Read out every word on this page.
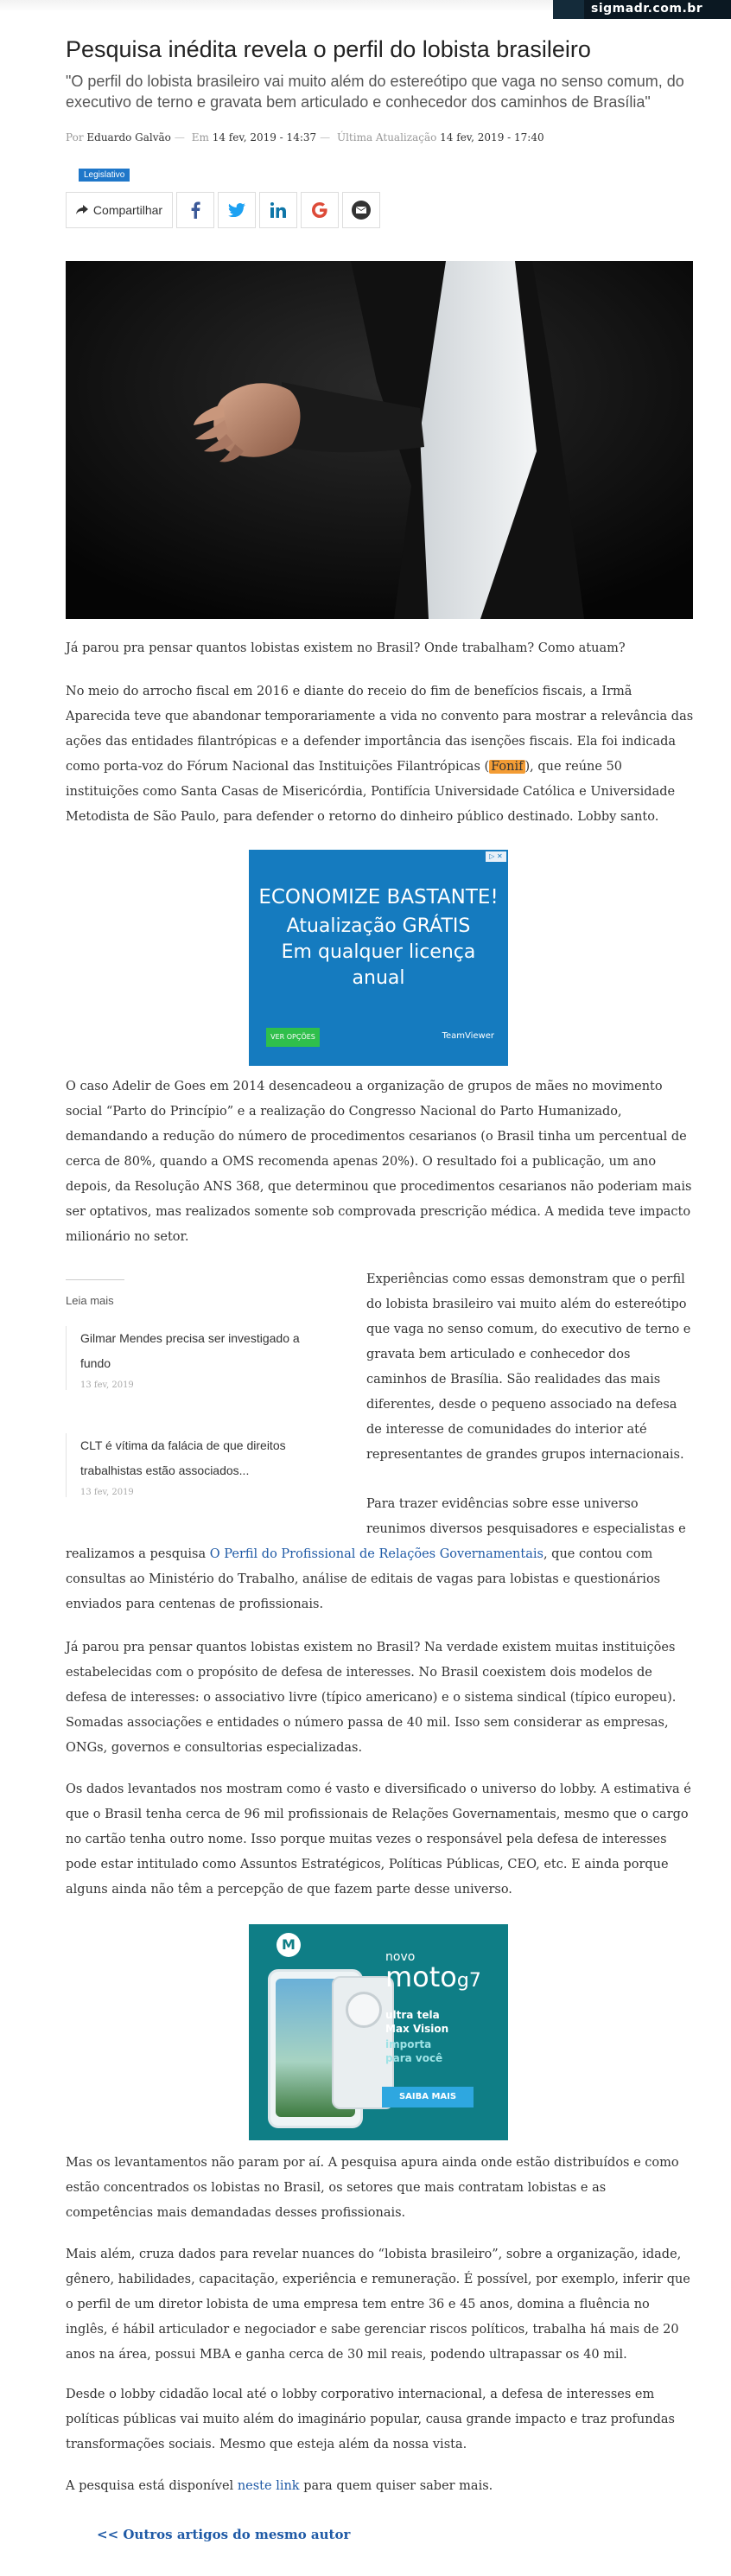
sigmadr.com.br
Pesquisa inédita revela o perfil do lobista brasileiro
"O perfil do lobista brasileiro vai muito além do estereótipo que vaga no senso comum, do executivo de terno e gravata bem articulado e conhecedor dos caminhos de Brasília"
Por Eduardo Galvão — Em 14 fev, 2019 - 14:37 — Última Atualização 14 fev, 2019 - 17:40
Legislativo
Compartilhar

Já parou pra pensar quantos lobistas existem no Brasil? Onde trabalham? Como atuam?

No meio do arrocho fiscal em 2016 e diante do receio do fim de benefícios fiscais, a Irmã Aparecida teve que abandonar temporariamente a vida no convento para mostrar a relevância das ações das entidades filantrópicas e a defender importância das isenções fiscais. Ela foi indicada como porta-voz do Fórum Nacional das Instituições Filantrópicas ( Fonif ), que reúne 50 instituições como Santa Casas de Misericórdia, Pontifícia Universidade Católica e Universidade Metodista de São Paulo, para defender o retorno do dinheiro público destinado. Lobby santo.

▷ ✕
ECONOMIZE BASTANTE!
Atualização GRÁTIS
Em qualquer licença
anual
VER OPÇÕES	TeamViewer

O caso Adelir de Goes em 2014 desencadeou a organização de grupos de mães no movimento social “Parto do Princípio” e a realização do Congresso Nacional do Parto Humanizado, demandando a redução do número de procedimentos cesarianos (o Brasil tinha um percentual de cerca de 80%, quando a OMS recomenda apenas 20%). O resultado foi a publicação, um ano depois, da Resolução ANS 368, que determinou que procedimentos cesarianos não poderiam mais ser optativos, mas realizados somente sob comprovada prescrição médica. A medida teve impacto milionário no setor.

Leia mais
Gilmar Mendes precisa ser investigado a
fundo
13 fev, 2019
CLT é vítima da falácia de que direitos
trabalhistas estão associados...
13 fev, 2019

Experiências como essas demonstram que o perfil do lobista brasileiro vai muito além do estereótipo que vaga no senso comum, do executivo de terno e gravata bem articulado e conhecedor dos caminhos de Brasília. São realidades das mais diferentes, desde o pequeno associado na defesa de interesse de comunidades do interior até representantes de grandes grupos internacionais.

Para trazer evidências sobre esse universo reunimos diversos pesquisadores e especialistas e

realizamos a pesquisa O Perfil do Profissional de Relações Governamentais, que contou com consultas ao Ministério do Trabalho, análise de editais de vagas para lobistas e questionários enviados para centenas de profissionais.

Já parou pra pensar quantos lobistas existem no Brasil? Na verdade existem muitas instituições estabelecidas com o propósito de defesa de interesses. No Brasil coexistem dois modelos de defesa de interesses: o associativo livre (típico americano) e o sistema sindical (típico europeu). Somadas associações e entidades o número passa de 40 mil. Isso sem considerar as empresas, ONGs, governos e consultorias especializadas.

Os dados levantados nos mostram como é vasto e diversificado o universo do lobby. A estimativa é que o Brasil tenha cerca de 96 mil profissionais de Relações Governamentais, mesmo que o cargo no cartão tenha outro nome. Isso porque muitas vezes o responsável pela defesa de interesses pode estar intitulado como Assuntos Estratégicos, Políticas Públicas, CEO, etc. E ainda porque alguns ainda não têm a percepção de que fazem parte desse universo.

M
novo
motog7
ultra tela
Max Vision
importa
para você
SAIBA MAIS

Mas os levantamentos não param por aí. A pesquisa apura ainda onde estão distribuídos e como estão concentrados os lobistas no Brasil, os setores que mais contratam lobistas e as competências mais demandadas desses profissionais.

Mais além, cruza dados para revelar nuances do “lobista brasileiro”, sobre a organização, idade, gênero, habilidades, capacitação, experiência e remuneração. É possível, por exemplo, inferir que o perfil de um diretor lobista de uma empresa tem entre 36 e 45 anos, domina a fluência no inglês, é hábil articulador e negociador e sabe gerenciar riscos políticos, trabalha há mais de 20 anos na área, possui MBA e ganha cerca de 30 mil reais, podendo ultrapassar os 40 mil.

Desde o lobby cidadão local até o lobby corporativo internacional, a defesa de interesses em políticas públicas vai muito além do imaginário popular, causa grande impacto e traz profundas transformações sociais. Mesmo que esteja além da nossa vista.

A pesquisa está disponível neste link para quem quiser saber mais.

<< Outros artigos do mesmo autor
